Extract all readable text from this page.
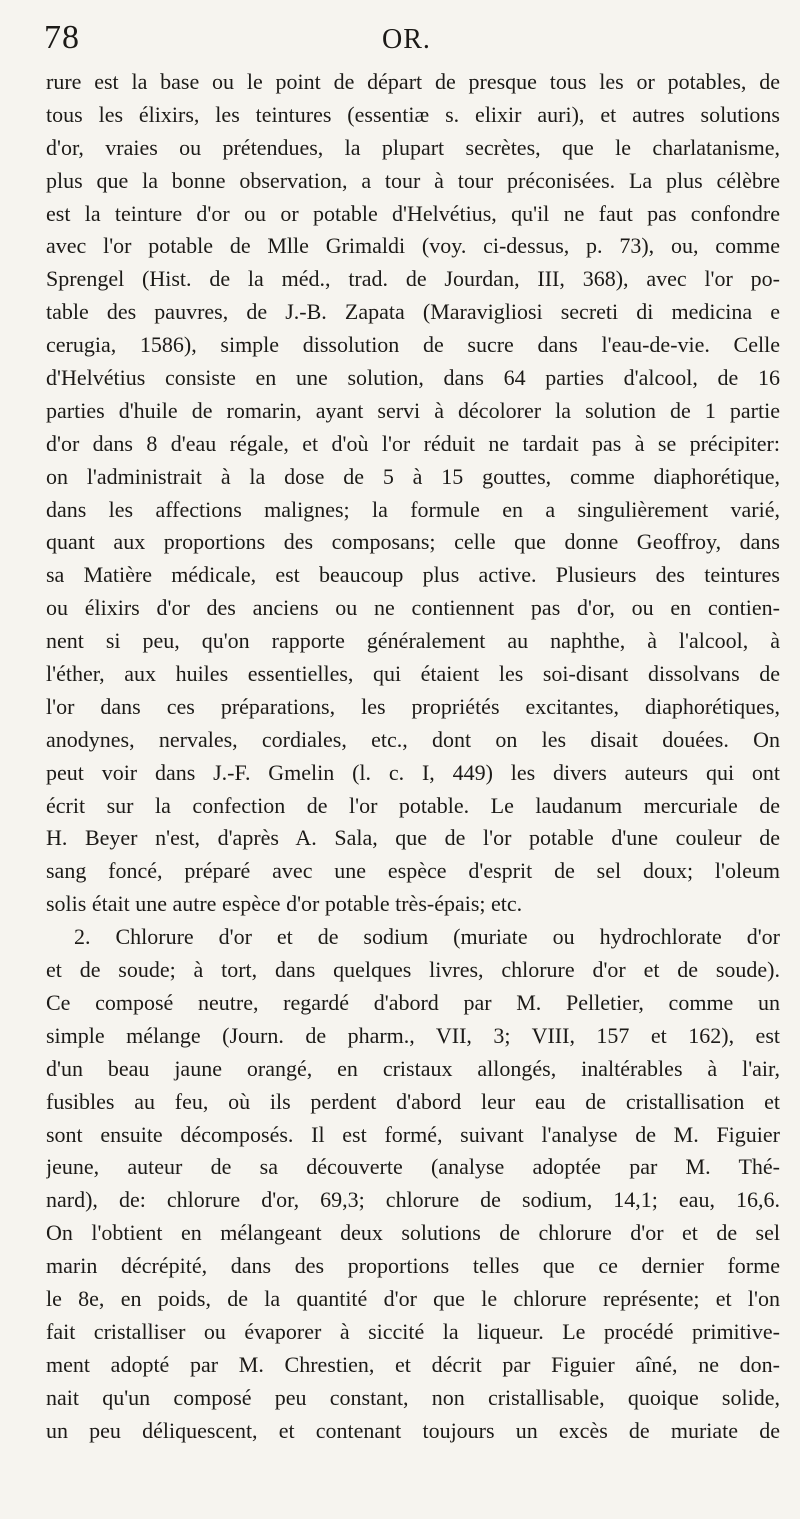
78	OR.
rure est la base ou le point de départ de presque tous les or potables, de
tous les élixirs, les teintures (essentiæ s. elixir auri), et autres solutions
d'or, vraies ou prétendues, la plupart secrètes, que le charlatanisme,
plus que la bonne observation, a tour à tour préconisées. La plus célèbre
est la teinture d'or ou or potable d'Helvétius, qu'il ne faut pas confondre
avec l'or potable de Mlle Grimaldi (voy. ci-dessus, p. 73), ou, comme
Sprengel (Hist. de la méd., trad. de Jourdan, III, 368), avec l'or po-
table des pauvres, de J.-B. Zapata (Maravigliosi secreti di medicina e
cerugia, 1586), simple dissolution de sucre dans l'eau-de-vie. Celle
d'Helvétius consiste en une solution, dans 64 parties d'alcool, de 16
parties d'huile de romarin, ayant servi à décolorer la solution de 1 partie
d'or dans 8 d'eau régale, et d'où l'or réduit ne tardait pas à se précipiter:
on l'administrait à la dose de 5 à 15 gouttes, comme diaphorétique,
dans les affections malignes; la formule en a singulièrement varié,
quant aux proportions des composans; celle que donne Geoffroy, dans
sa Matière médicale, est beaucoup plus active. Plusieurs des teintures
ou élixirs d'or des anciens ou ne contiennent pas d'or, ou en contien-
nent si peu, qu'on rapporte généralement au naphthe, à l'alcool, à
l'éther, aux huiles essentielles, qui étaient les soi-disant dissolvans de
l'or dans ces préparations, les propriétés excitantes, diaphorétiques,
anodynes, nervales, cordiales, etc., dont on les disait douées. On
peut voir dans J.-F. Gmelin (l. c. I, 449) les divers auteurs qui ont
écrit sur la confection de l'or potable. Le laudanum mercuriale de
H. Beyer n'est, d'après A. Sala, que de l'or potable d'une couleur de
sang foncé, préparé avec une espèce d'esprit de sel doux; l'oleum
solis était une autre espèce d'or potable très-épais; etc.
2. Chlorure d'or et de sodium (muriate ou hydrochlorate d'or
et de soude; à tort, dans quelques livres, chlorure d'or et de soude).
Ce composé neutre, regardé d'abord par M. Pelletier, comme un
simple mélange (Journ. de pharm., VII, 3; VIII, 157 et 162), est
d'un beau jaune orangé, en cristaux allongés, inaltérables à l'air,
fusibles au feu, où ils perdent d'abord leur eau de cristallisation et
sont ensuite décomposés. Il est formé, suivant l'analyse de M. Figuier
jeune, auteur de sa découverte (analyse adoptée par M. Thé-
nard), de: chlorure d'or, 69,3; chlorure de sodium, 14,1; eau, 16,6.
On l'obtient en mélangeant deux solutions de chlorure d'or et de sel
marin décrépité, dans des proportions telles que ce dernier forme
le 8e, en poids, de la quantité d'or que le chlorure représente; et l'on
fait cristalliser ou évaporer à siccité la liqueur. Le procédé primitive-
ment adopté par M. Chrestien, et décrit par Figuier aîné, ne don-
nait qu'un composé peu constant, non cristallisable, quoique solide,
un peu déliquescent, et contenant toujours un excès de muriate de
